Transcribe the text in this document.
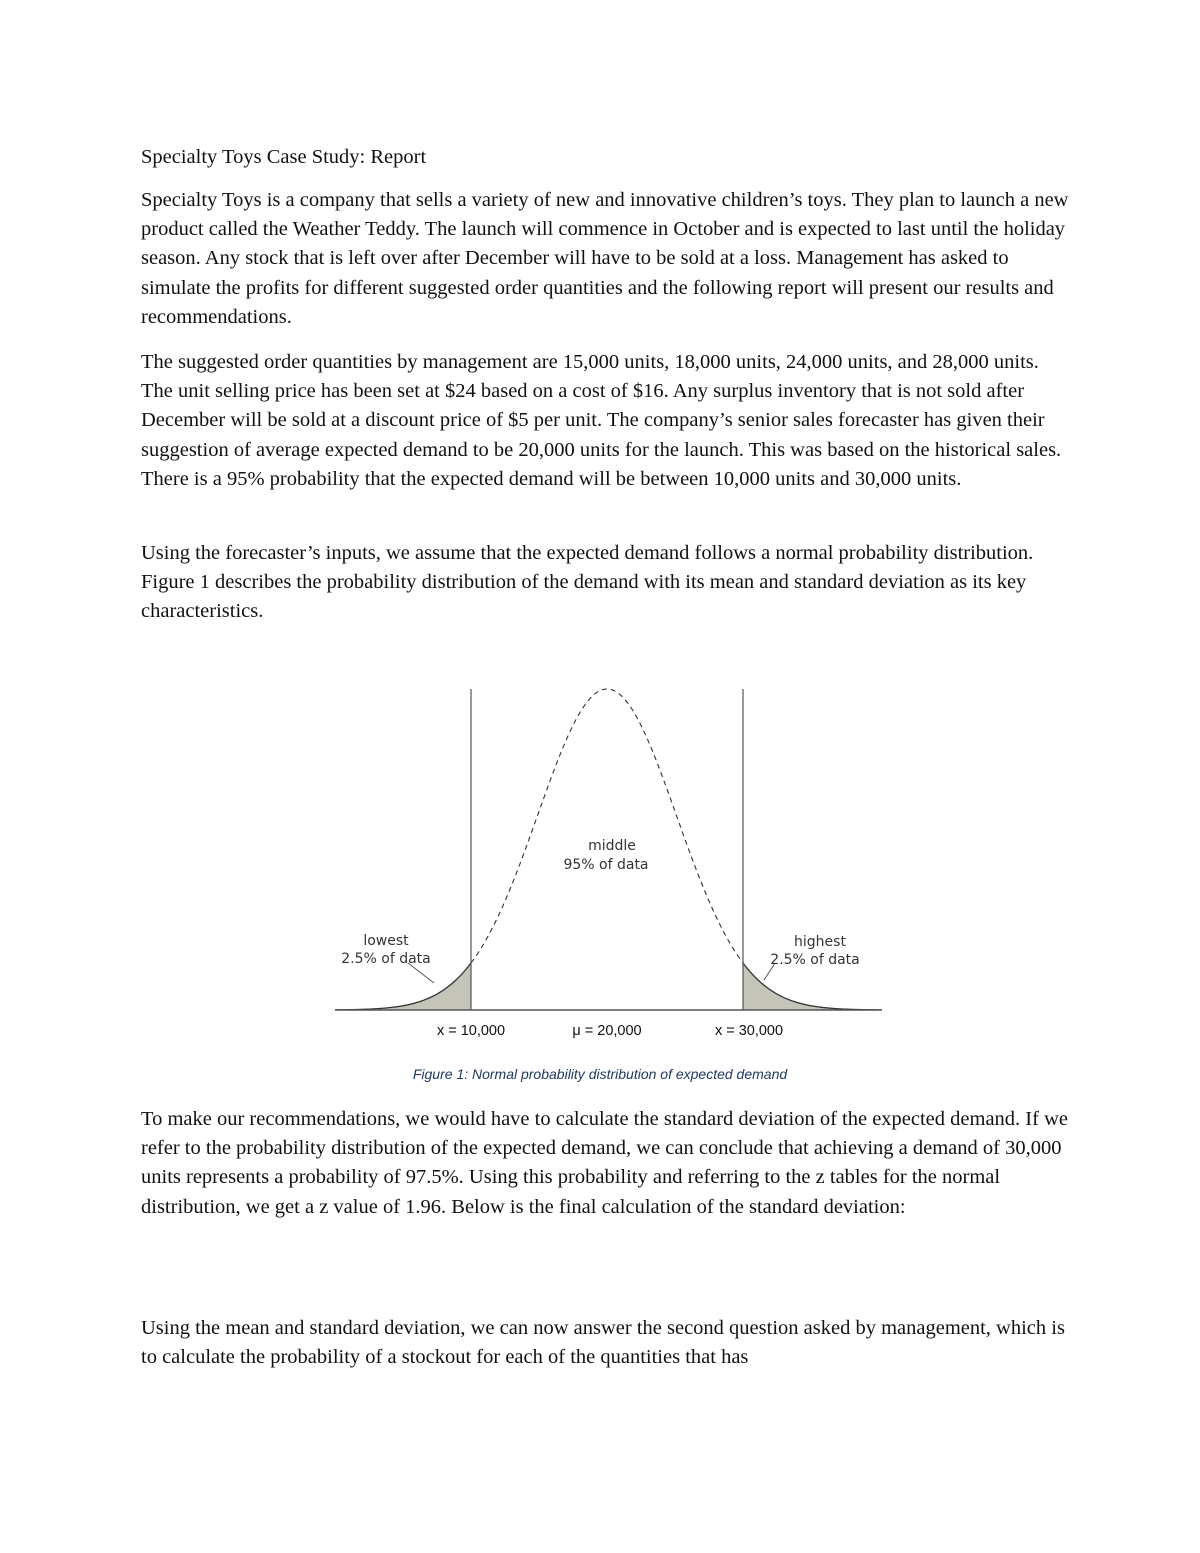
Specialty Toys Case Study: Report

Specialty Toys is a company that sells a variety of new and innovative children’s toys. They plan to launch a new product called the Weather Teddy. The launch will commence in October and is expected to last until the holiday season. Any stock that is left over after December will have to be sold at a loss. Management has asked to simulate the profits for different suggested order quantities and the following report will present our results and recommendations.

The suggested order quantities by management are 15,000 units, 18,000 units, 24,000 units, and 28,000 units. The unit selling price has been set at $24 based on a cost of $16. Any surplus inventory that is not sold after December will be sold at a discount price of $5 per unit. The company’s senior sales forecaster has given their suggestion of average expected demand to be 20,000 units for the launch. This was based on the historical sales. There is a 95% probability that the expected demand will be between 10,000 units and 30,000 units.

Using the forecaster’s inputs, we assume that the expected demand follows a normal probability distribution. Figure 1 describes the probability distribution of the demand with its mean and standard deviation as its key characteristics.

middle
95% of data
lowest
2.5% of data
highest
2.5% of data
x = 10,000	μ = 20,000	x = 30,000
Figure 1: Normal probability distribution of expected demand

To make our recommendations, we would have to calculate the standard deviation of the expected demand. If we refer to the probability distribution of the expected demand, we can conclude that achieving a demand of 30,000 units represents a probability of 97.5%. Using this probability and referring to the z tables for the normal distribution, we get a z value of 1.96. Below is the final calculation of the standard deviation:

Using the mean and standard deviation, we can now answer the second question asked by management, which is to calculate the probability of a stockout for each of the quantities that has
